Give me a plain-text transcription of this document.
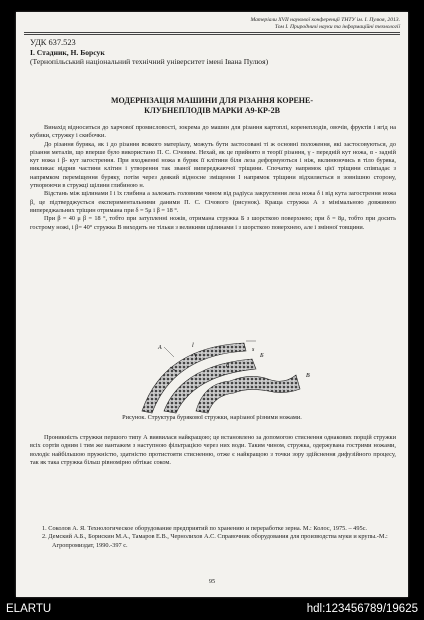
Матеріали XVІІ наукової конференції ТНТУ ім. І. Пулюя, 2013.
Том І. Природничі науки та інформаційні технології
УДК 637.523
І. Стадник, Н. Борсук
(Тернопільський національний технічний університет імені Івана Пулюя)
МОДЕРНІЗАЦІЯ МАШИНИ ДЛЯ РІЗАННЯ КОРЕНЕ-
КЛУБНЕПЛОДІВ МАРКИ А9-КР-2В

Винахід відноситься до харчової промисловості, зокрема до машин для різання картоплі, коренеплодів, овочів, фруктів і ягід на кубики, стружку і скибочки.

До різання бурякa, як і до різання всякого матеріалу, можуть бути застосовані ті ж основні положення, які застосовуються, до різання металів, що вперше було використано П. С. Січовим. Нехай, як це прийнято в теорії різання, γ - передній кут ножа, α - задній кут ножа і β- кут загострення. При входженні ножа в буряк її клітини біля леза деформуються і ніж, вклинюючись в тіло буряка, викликає відрив частини клітин і утворення так званої випереджаючої тріщини. Спочатку напрямок цієї тріщини співпадає з напрямком переміщення буряку, потім через деякий відносне зміщення І напрямок тріщини відхиляється в зовнішню сторону, утворюючи в стружці щілини глибиною н.

Відстань між щілинами І і їх глибина а залежать головним чином від радіуса закруглення леза ножа δ і від кута загострення ножа β, це підтверджується експериментальними даними П. С. Січового (рисунок). Краща стружка А з мінімальною довжиною випереджальних тріщин отримана при δ = 5μ і β = 18 °.

При β = 40 μ β = 18 °, тобто при затупленні ножів, отримана стружка Б з шорсткою поверхнею; при δ = 8μ, тобто при досить гострому ножі, і β= 40° стружка В виходить не тільки з великими щілинами і з шорсткою поверхнею, але і змінної товщини.

А	l
s
h
Б
В
Рисунок. Структура бурякової стружки, нарізаної різними ножами.

Проникність стружки першого типу А виявилася найкращою; це встановлено за допомогою стиснення однакових порцій стружки всіх сортів одним і тим же вантажем з наступною фільтрацією через них води. Таким чином, стружка, одержувана гострими ножами, володіє найбільшою пружністю, здатністю протистояти стисненню, отже є найкращою з точки зору здійснення дифузійного процесу, так як така стружка більш рівномірно обтікає соком.

1. Соколов А. Я. Технологическое оборудование предприятий по хранению и переработке зерна. М.: Колос, 1975. – 495с.

2. Демский А.Б., Борискин М.А., Тамаров Е.В., Чернолихов А.С. Справочник оборудования для производства муки и крупы.-М.: Агропромиздат, 1990.-397 с.

95
ELARTU	hdl:123456789/19625
